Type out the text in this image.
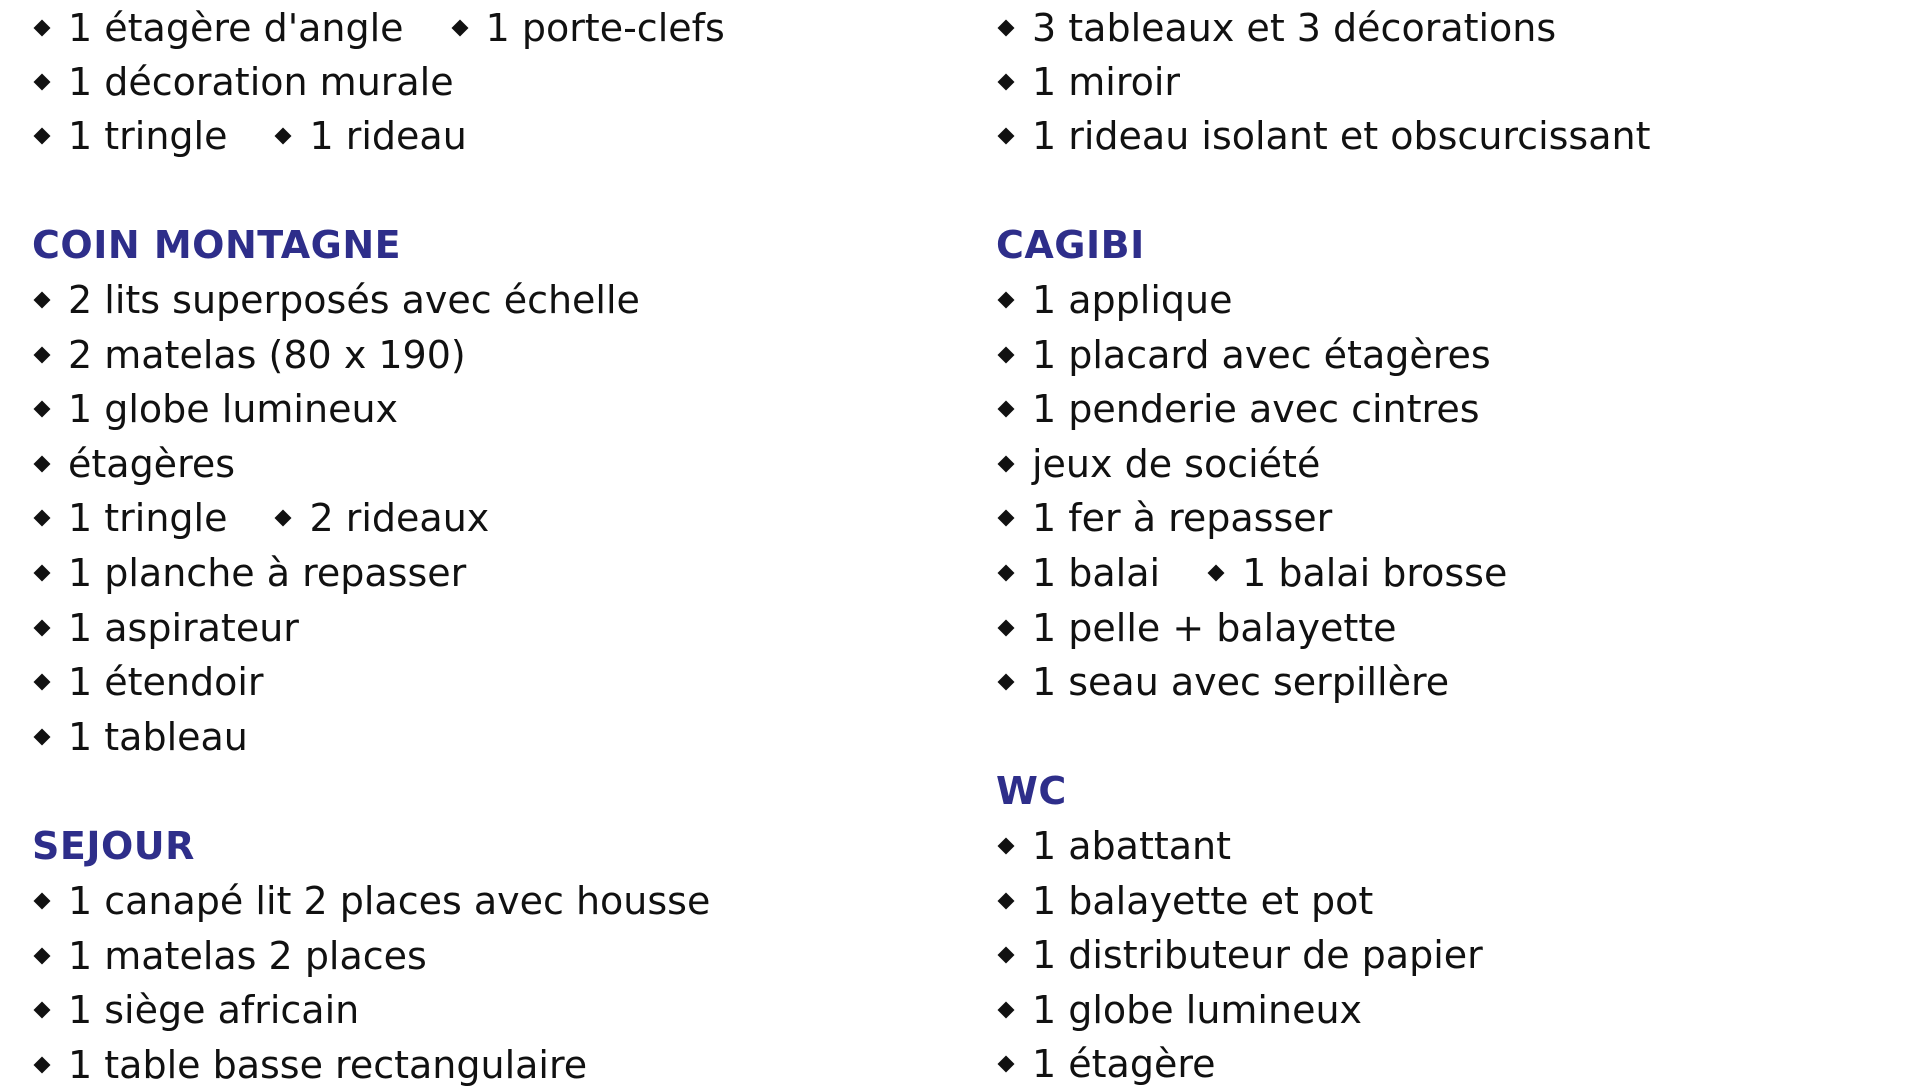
1 étagère d'angle 1 porte-clefs
1 décoration murale
1 tringle 1 rideau
COIN MONTAGNE
2 lits superposés avec échelle
2 matelas (80 x 190)
1 globe lumineux
étagères
1 tringle 2 rideaux
1 planche à repasser
1 aspirateur
1 étendoir
1 tableau
SEJOUR
1 canapé lit 2 places avec housse
1 matelas 2 places
1 siège africain
1 table basse rectangulaire
3 tableaux et 3 décorations
1 miroir
1 rideau isolant et obscurcissant
CAGIBI
1 applique
1 placard avec étagères
1 penderie avec cintres
jeux de société
1 fer à repasser
1 balai 1 balai brosse
1 pelle + balayette
1 seau avec serpillère
WC
1 abattant
1 balayette et pot
1 distributeur de papier
1 globe lumineux
1 étagère
